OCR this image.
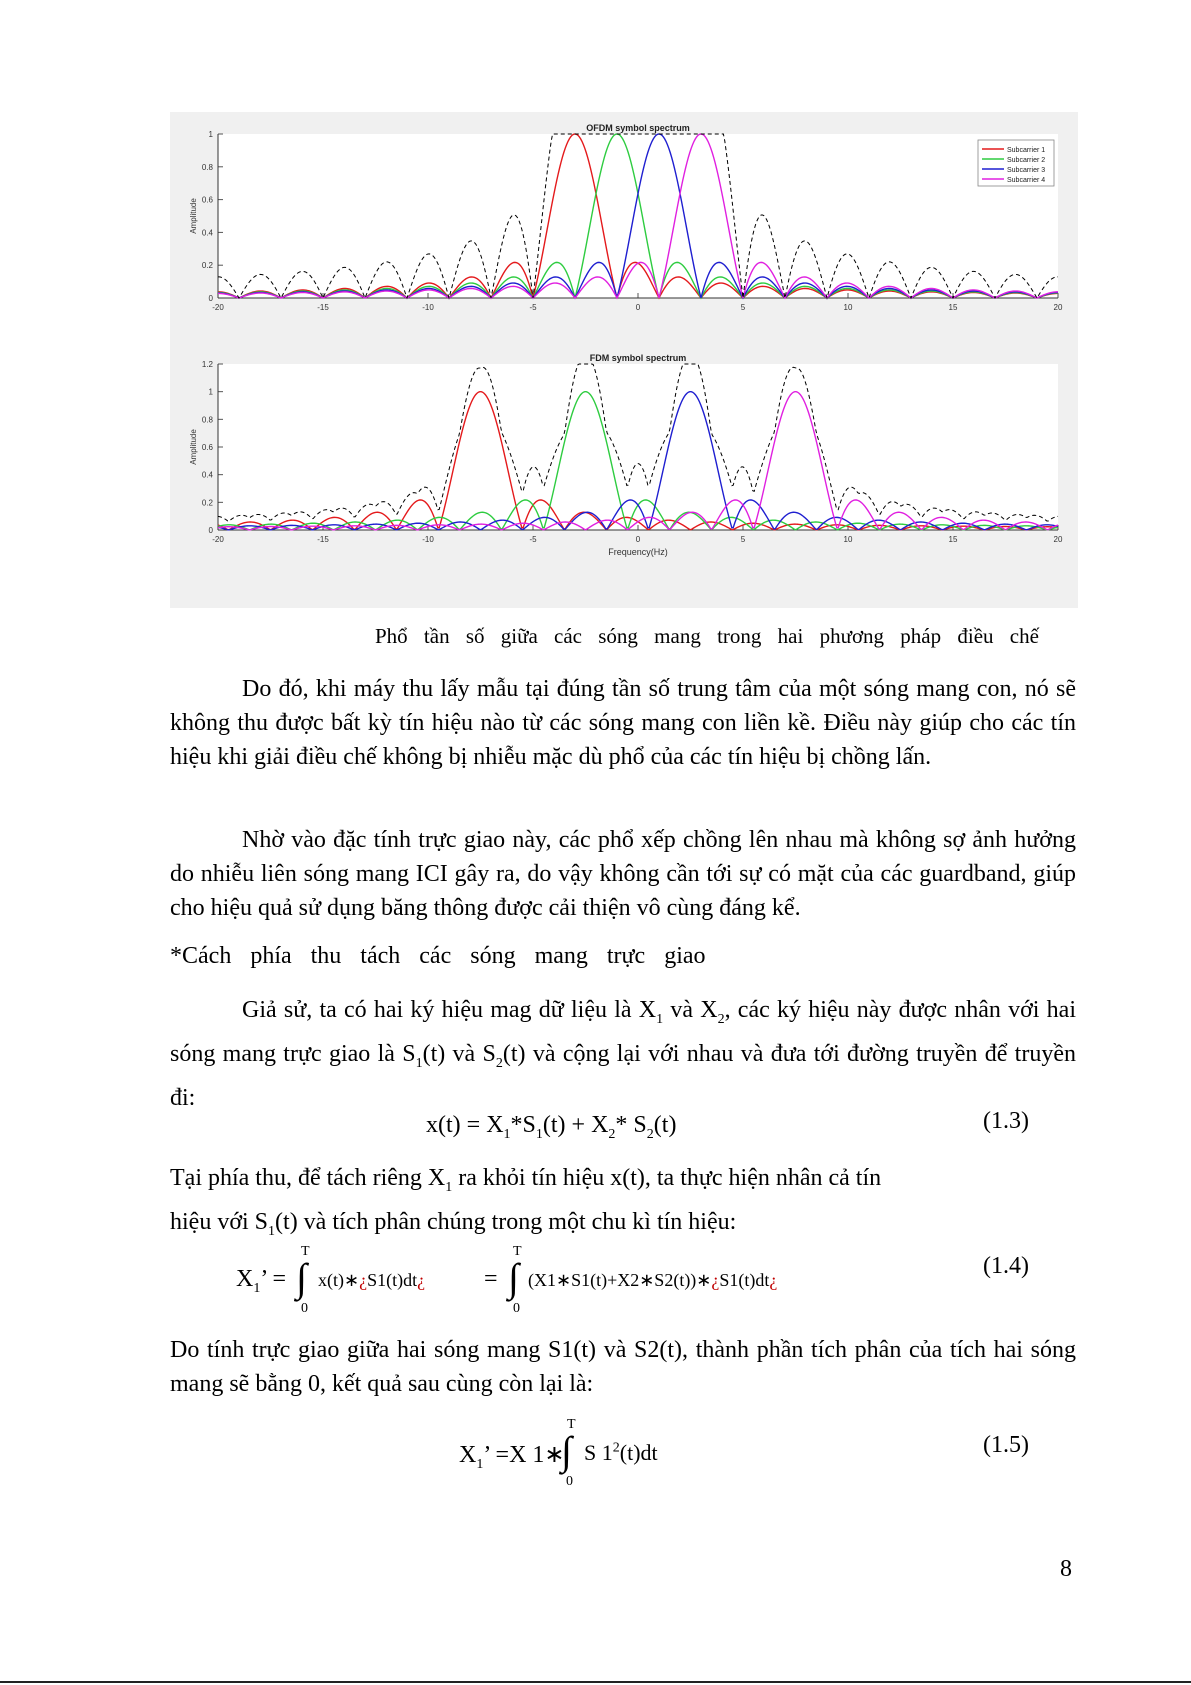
0
0.2
0.4
0.6
0.8
1
-20	-15	-10	-5	0	5	10	15	20
OFDM symbol spectrum
Amplitude
Subcarrier 1
Subcarrier 2
Subcarrier 3
Subcarrier 4
0
0.2
0.4
0.6
0.8
1
1.2
-20	-15	-10	-5	0	5	10	15	20
FDM symbol spectrum
Amplitude
Frequency(Hz)
Phổ tần số giữa các sóng mang trong hai phương pháp điều chế

Do đó, khi máy thu lấy mẫu tại đúng tần số trung tâm của một sóng mang con, nó sẽ không thu được bất kỳ tín hiệu nào từ các sóng mang con liền kề. Điều này giúp cho các tín hiệu khi giải điều chế không bị nhiễu mặc dù phổ của các tín hiệu bị chồng lấn.

Nhờ vào đặc tính trực giao này, các phổ xếp chồng lên nhau mà không sợ ảnh hưởng do nhiễu liên sóng mang ICI gây ra, do vậy không cần tới sự có mặt của các guardband, giúp cho hiệu quả sử dụng băng thông được cải thiện vô cùng đáng kể.

*Cách phía thu tách các sóng mang trực giao

Giả sử, ta có hai ký hiệu mag dữ liệu là $X_1$ và $X_2$, các ký hiệu này được nhân với hai sóng mang trực giao là $S_1(t)$ và $S_2(t)$ và cộng lại với nhau và đưa tới đường truyền để truyền đi:

$x(t) = X_1*S_1(t) + X_2*$ $S_2(t)$	(1.3)

Tại phía thu, để tách riêng $X_1$ ra khỏi tín hiệu x(t), ta thực hiện nhân cả tín
hiệu với $S_1(t)$ và tích phân chúng trong một chu kì tín hiệu:

$X_1$’ = ∫
T
0
x(t)∗¿S1(t)dt¿ = ∫
T
0
(X1∗S1(t)+X2∗S2(t))∗¿S1(t)dt¿
(1.4)

Do tính trực giao giữa hai sóng mang S1(t) và S2(t), thành phần tích phân của tích hai sóng mang sẽ bằng 0, kết quả sau cùng còn lại là:

$X_1$’ =X 1∗
∫
T
0
S $1^2(t)dt$	(1.5)
8
